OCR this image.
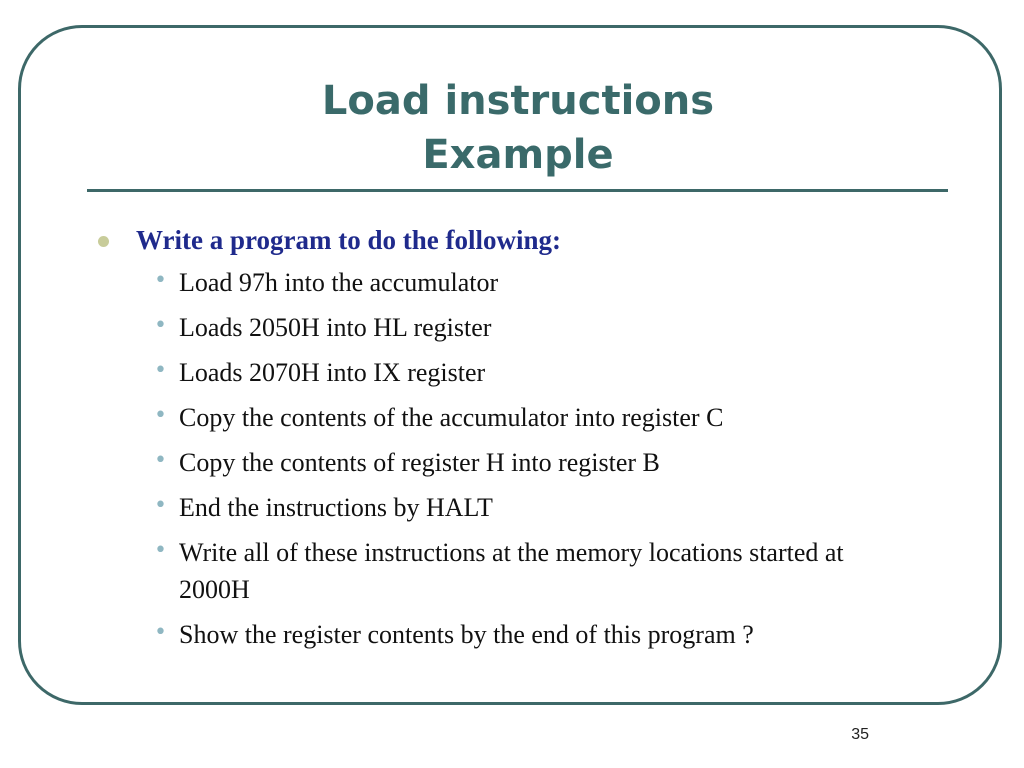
Load instructions
Example

Write a program to do the following:

• Load 97h into the accumulator
• Loads 2050H into HL register
• Loads 2070H into IX register
• Copy the contents of the accumulator into register C
• Copy the contents of register H into register B
• End the instructions by HALT
• Write all of these instructions at the memory locations started at 2000H
• Show the register contents by the end of this program ?
35
